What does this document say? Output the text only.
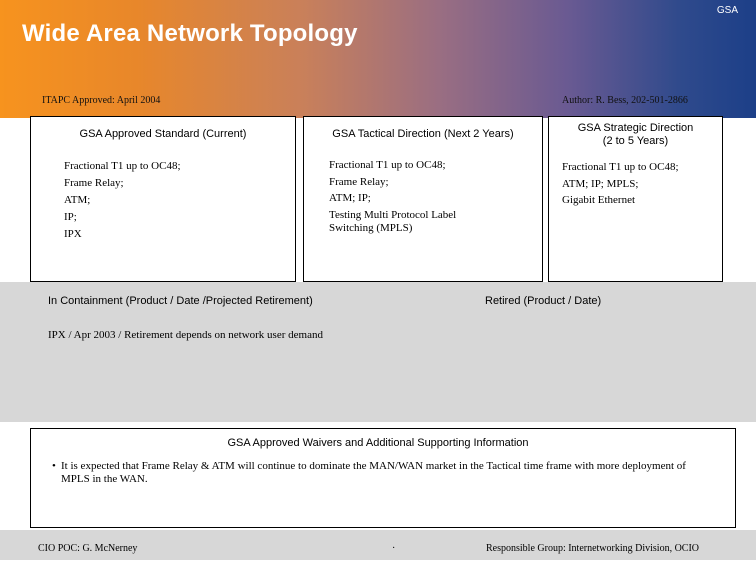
GSA
Wide Area Network Topology
ITAPC Approved: April 2004	Author: R. Bess, 202-501-2866
GSA Approved Standard (Current)
Fractional T1 up to OC48;
Frame Relay;
ATM;
IP;
IPX
GSA Tactical Direction (Next 2 Years)
Fractional T1 up to OC48;
Frame Relay;
ATM; IP;
Testing Multi Protocol Label
Switching (MPLS)
GSA Strategic Direction
(2 to 5 Years)
Fractional T1 up to OC48;
ATM; IP; MPLS;
Gigabit Ethernet
In Containment (Product / Date /Projected Retirement)	Retired (Product / Date)
IPX / Apr 2003 / Retirement depends on network user demand
GSA Approved Waivers and Additional Supporting Information
• It is expected that Frame Relay & ATM will continue to dominate the MAN/WAN market in the Tactical time frame with more deployment of MPLS in the WAN.
CIO POC: G. McNerney	·	Responsible Group: Internetworking Division, OCIO
